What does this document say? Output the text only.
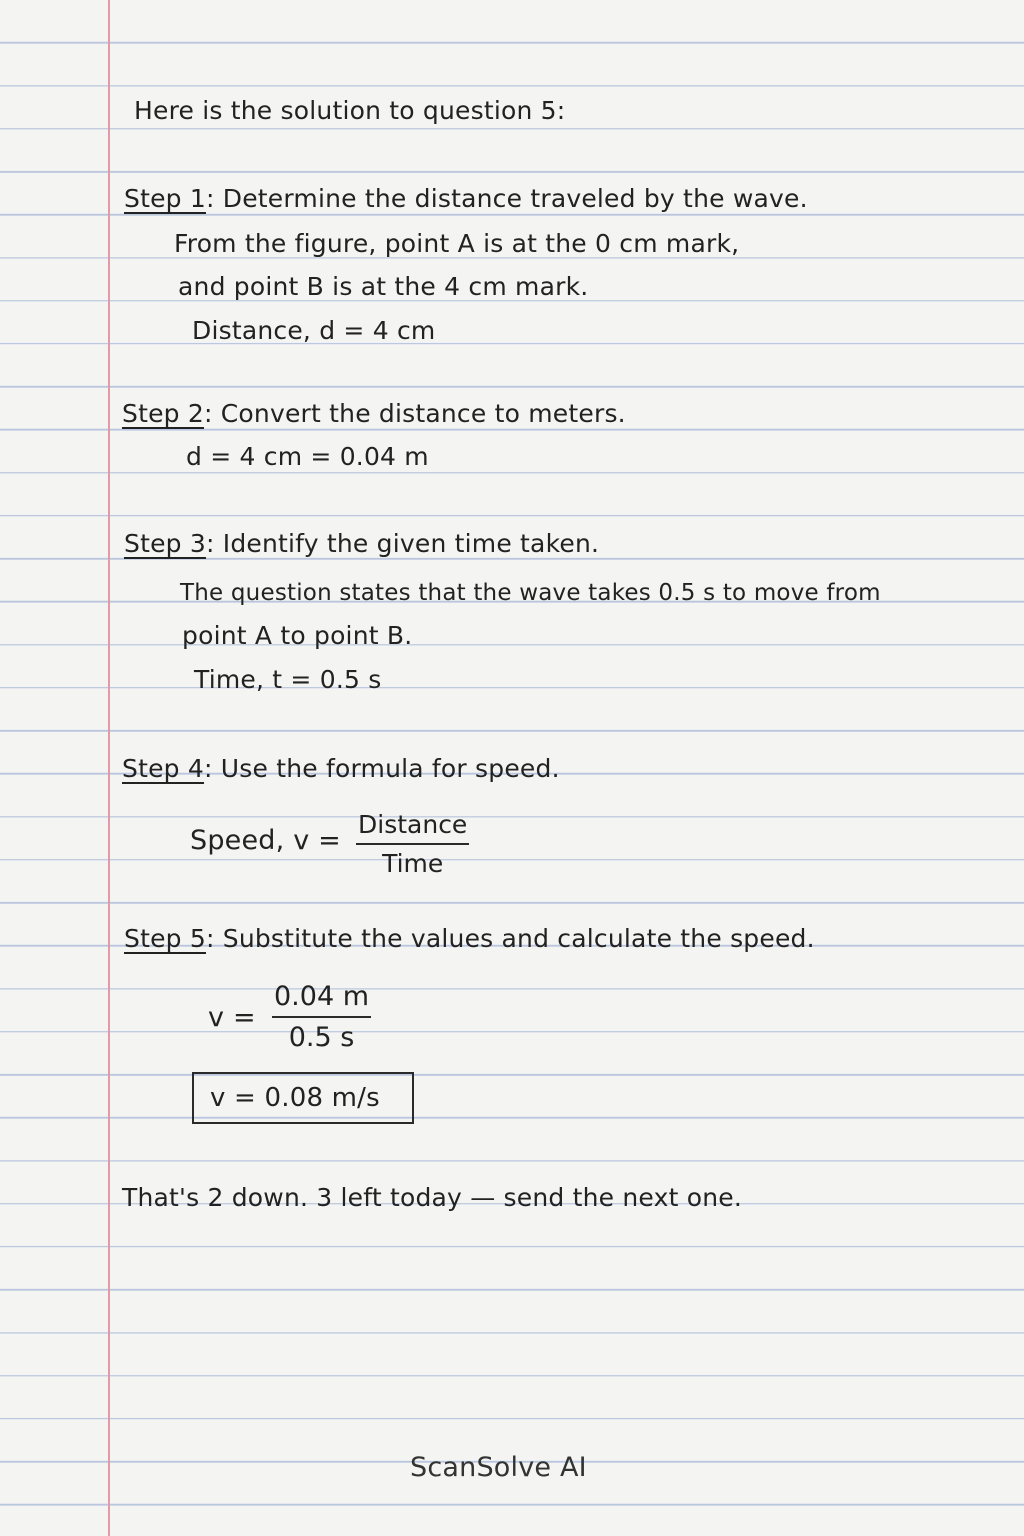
Here is the solution to question 5:
Step 1: Determine the distance traveled by the wave.
From the figure, point A is at the 0 cm mark,
and point B is at the 4 cm mark.
Distance, d = 4 cm
Step 2: Convert the distance to meters.
d = 4 cm = 0.04 m
Step 3: Identify the given time taken.
The question states that the wave takes 0.5 s to move from
point A to point B.
Time, t = 0.5 s
Step 4: Use the formula for speed.
Speed, v =
Distance
Time
Step 5: Substitute the values and calculate the speed.
$v = \frac{0.04 m}{0.5 s}$
v = 0.08 m/s
That's 2 down. 3 left today — send the next one.
ScanSolve AI
